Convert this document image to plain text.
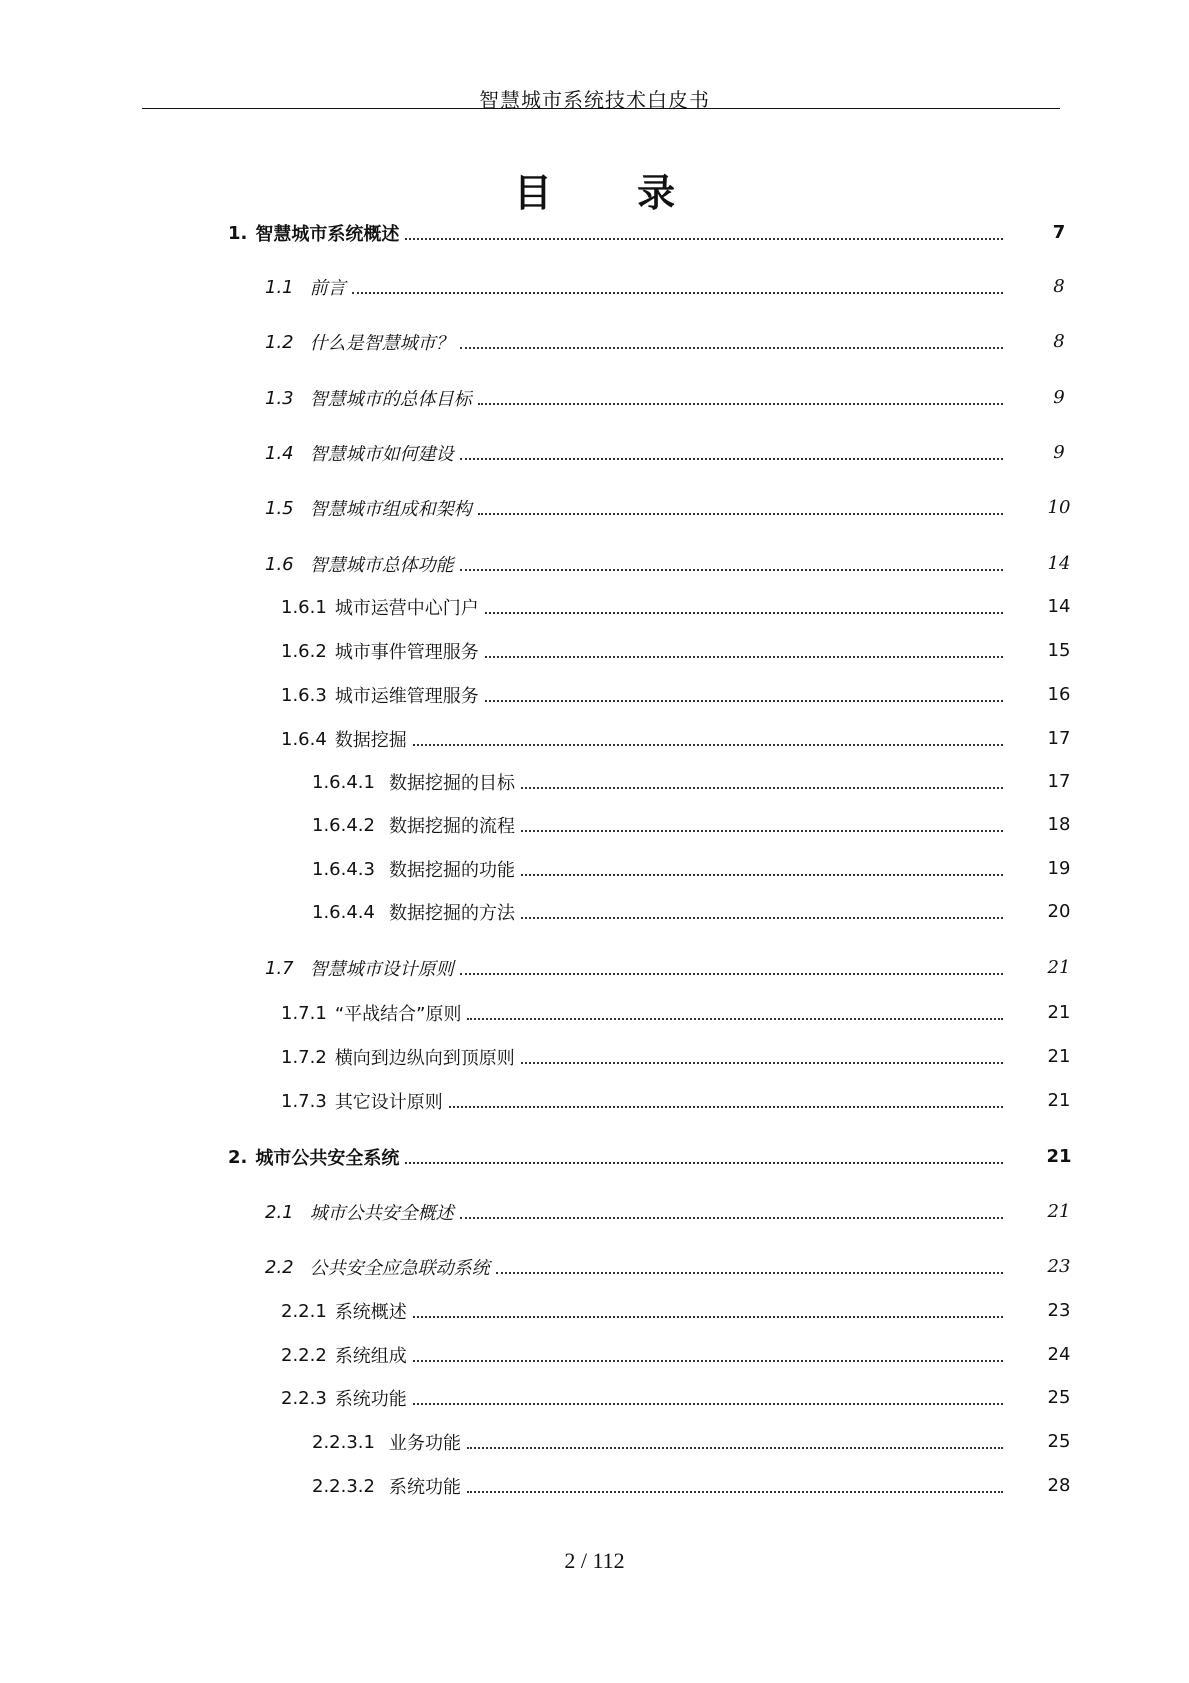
智慧城市系统技术白皮书
目 录
1. 智慧城市系统概述	7
1.1 前言	8
1.2 什么是智慧城市？	8
1.3 智慧城市的总体目标	9
1.4 智慧城市如何建设	9
1.5 智慧城市组成和架构	10
1.6 智慧城市总体功能	14
1.6.1 城市运营中心门户	14
1.6.2 城市事件管理服务	15
1.6.3 城市运维管理服务	16
1.6.4 数据挖掘	17
1.6.4.1 数据挖掘的目标	17
1.6.4.2 数据挖掘的流程	18
1.6.4.3 数据挖掘的功能	19
1.6.4.4 数据挖掘的方法	20
1.7 智慧城市设计原则	21
1.7.1 “平战结合”原则	21
1.7.2 横向到边纵向到顶原则	21
1.7.3 其它设计原则	21
2. 城市公共安全系统	21
2.1 城市公共安全概述	21
2.2 公共安全应急联动系统	23
2.2.1 系统概述	23
2.2.2 系统组成	24
2.2.3 系统功能	25
2.2.3.1 业务功能	25
2.2.3.2 系统功能	28
2 / 112
